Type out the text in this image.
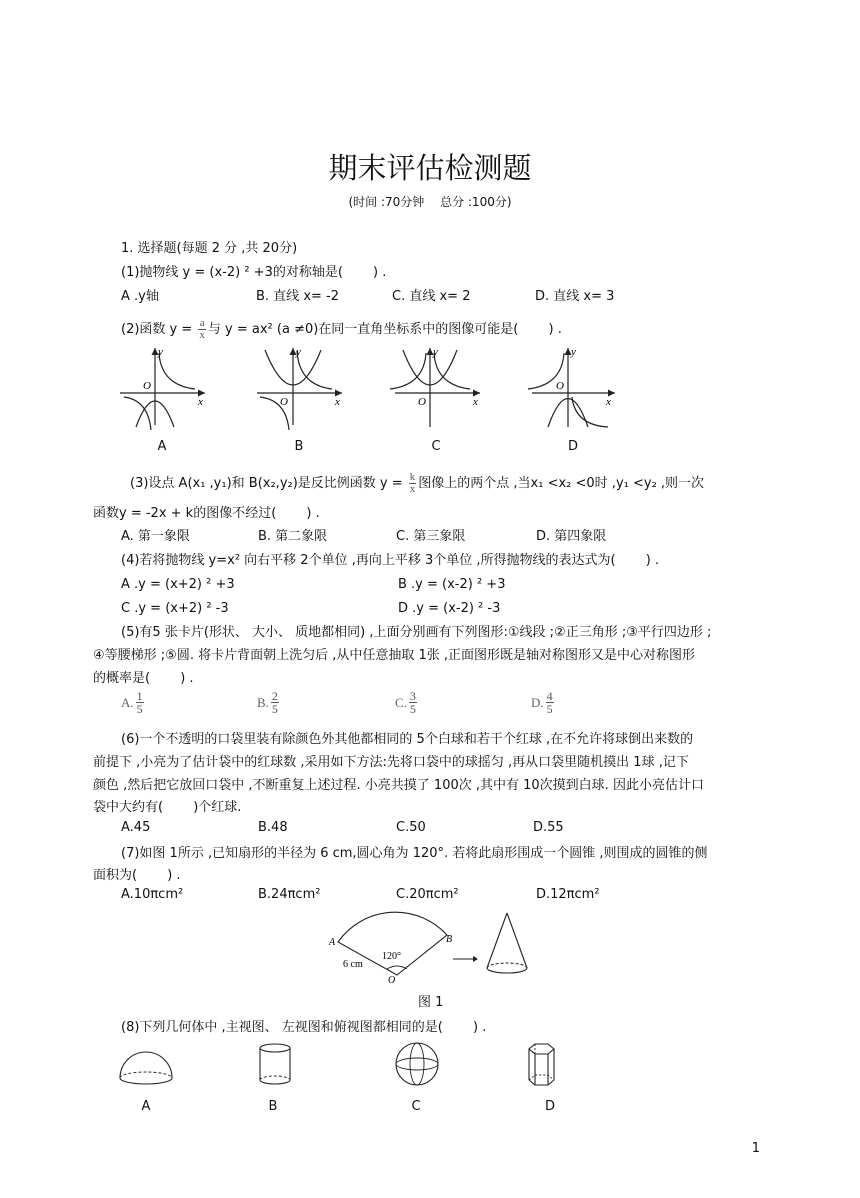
期末评估检测题
(时间 :70分钟　 总分 :100分)
1. 选择题(每题 2 分 ,共 20分)
(1)抛物线 y = (x-2) ² +3的对称轴是(　　 ) .
A .y轴	B. 直线 x= -2	C. 直线 x= 2	D. 直线 x= 3
(2)函数 $y = \frac{a}{x}$ 与 y = ax² (a ≠0)在同一直角坐标系中的图像可能是(　　 ) .
y
x
O
y
x
O
y
x
O
y
x
O
A	B	C	D
(3)设点 A(x₁ ,y₁)和 B(x₂,y₂)是反比例函数 $y = \frac{k}{x}$ 图像上的两个点 ,当x₁ <x₂ <0时 ,y₁ <y₂ ,则一次
函数y = -2x + k的图像不经过(　　 ) .
A. 第一象限	B. 第二象限	C. 第三象限	D. 第四象限
(4)若将抛物线 y=x² 向右平移 2个单位 ,再向上平移 3个单位 ,所得抛物线的表达式为(　　 ) .
A .y = (x+2) ² +3	B .y = (x-2) ² +3
C .y = (x+2) ² -3	D .y = (x-2) ² -3
(5)有5 张卡片(形状、 大小、 质地都相同) ,上面分别画有下列图形:①线段 ;②正三角形 ;③平行四边形 ;
④等腰梯形 ;⑤圆. 将卡片背面朝上洗匀后 ,从中任意抽取 1张 ,正面图形既是轴对称图形又是中心对称图形
的概率是(　　 ) .
A. $\frac{1}{5}$	B. $\frac{2}{5}$	C. $\frac{3}{5}$	D. $\frac{4}{5}$
(6)一个不透明的口袋里装有除颜色外其他都相同的 5个白球和若干个红球 ,在不允许将球倒出来数的
前提下 ,小亮为了估计袋中的红球数 ,采用如下方法:先将口袋中的球摇匀 ,再从口袋里随机摸出 1球 ,记下
颜色 ,然后把它放回口袋中 ,不断重复上述过程. 小亮共摸了 100次 ,其中有 10次摸到白球. 因此小亮估计口
袋中大约有(　　 )个红球.
A.45	B.48	C.50	D.55
(7)如图 1所示 ,已知扇形的半径为 6 cm,圆心角为 120°. 若将此扇形围成一个圆锥 ,则围成的圆锥的侧
面积为(　　 ) .
A.10πcm²	B.24πcm²	C.20πcm²	D.12πcm²
120°
A	B
O
6 cm
图 1
(8)下列几何体中 ,主视图、 左视图和俯视图都相同的是(　　 ) .
A	B	C	D
1
